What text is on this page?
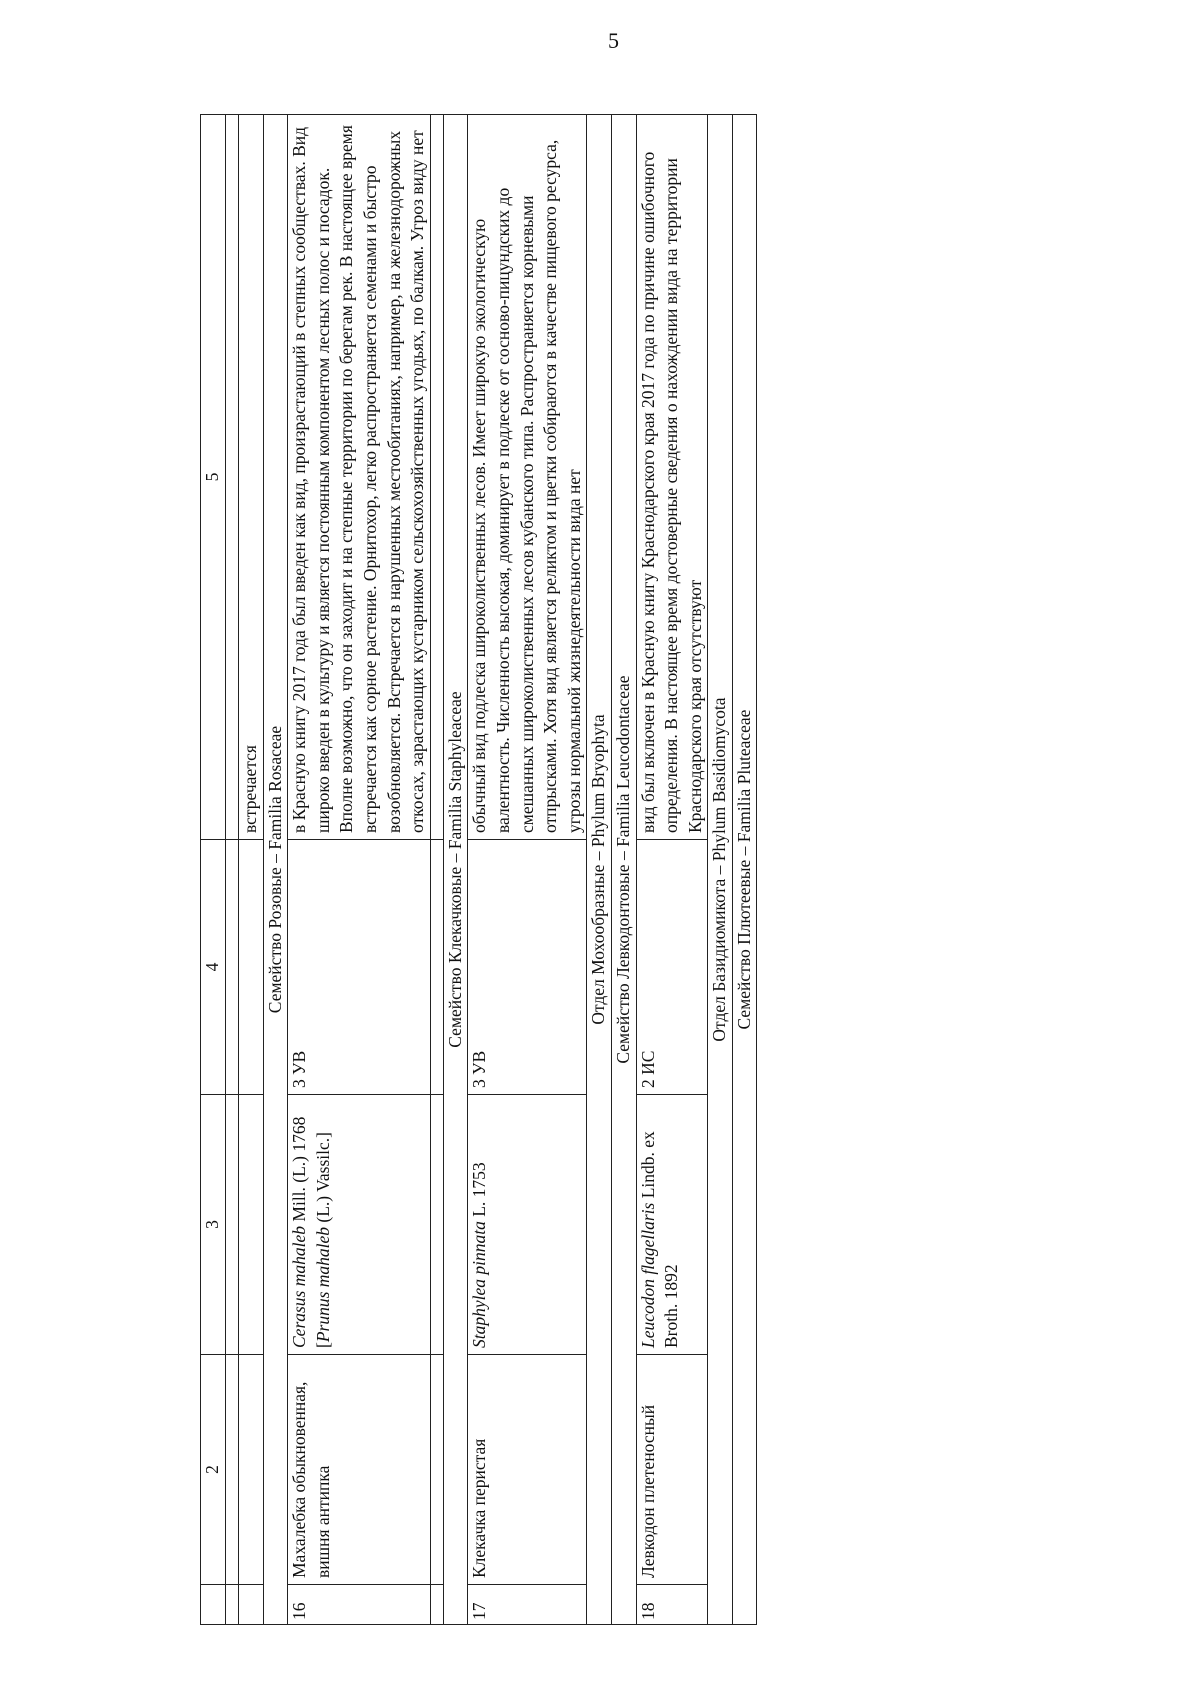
5
	2	3	4	5

				встречается
Семейство Розовые – Familia Rosaceae				
16	Махалебка обыкновенная, вишня антипка	Cerasus mahaleb Mill. (L.) 1768 [Prunus mahaleb (L.) Vassilc.]	3 УВ	в Красную книгу 2017 года был введен как вид, произрастающий в степных сообществах. Вид широко введен в культуру и является постоянным компонентом лесных полос и посадок. Вполне возможно, что он заходит и на степные территории по берегам рек. В настоящее время встречается как сорное растение. Орнитохор, легко распространяется семенами и быстро возобновляется. Встречается в нарушенных местообитаниях, например, на железнодорожных откосах, зарастающих кустарником сельскохозяйственных угодьях, по балкам. Угроз виду нет

Семейство Клекачковые – Familia Staphyleaceae				
17	Клекачка перистая	Staphylea pinnata L. 1753	3 УВ	обычный вид подлеска широколиственных лесов. Имеет широкую экологическую валентность. Численность высокая, доминирует в подлеске от сосново-пицундских до смешанных широколиственных лесов кубанского типа. Распространяется корневыми отпрысками. Хотя вид является реликтом и цветки собираются в качестве пищевого ресурса, угрозы нормальной жизнедеятельности вида нет
Отдел Мохообразные – Phylum Bryophyta				
Семейство Левкодонтовые – Familia Leucodontaceae				
18	Левкодон плетеносный	Leucodon flagellaris Lindb. ex Broth. 1892	2 ИС	вид был включен в Красную книгу Краснодарского края 2017 года по причине ошибочного определения. В настоящее время достоверные сведения о нахождении вида на территории Краснодарского края отсутствуют
Отдел Базидиомикота – Phylum Basidiomycota				
Семейство Плютеевые – Familia Pluteaceae				
